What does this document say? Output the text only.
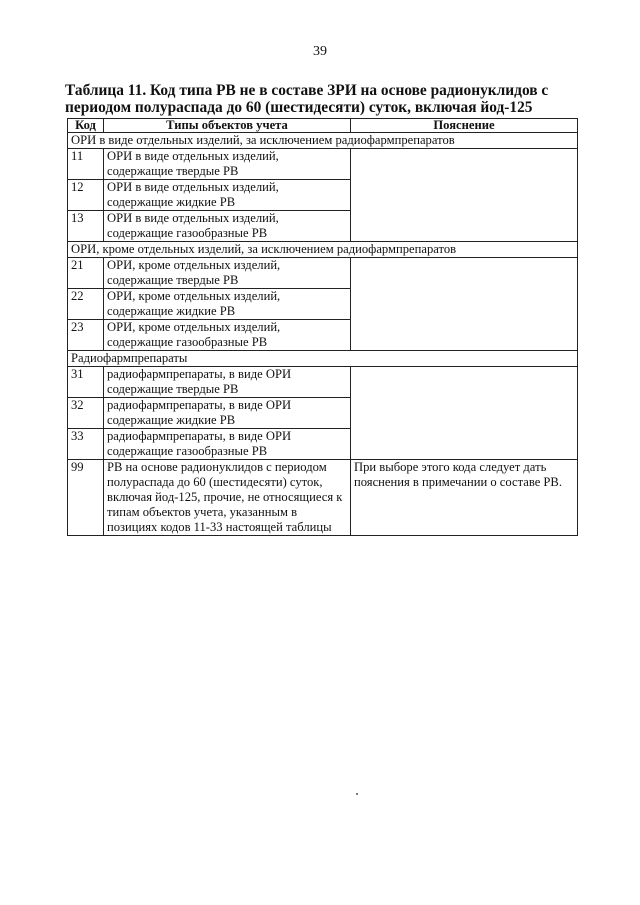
39
Таблица 11. Код типа РВ не в составе ЗРИ на основе радионуклидов с периодом полураспада до 60 (шестидесяти) суток, включая йод-125
Код	Типы объектов учета	Пояснение
ОРИ в виде отдельных изделий, за исключением радиофармпрепаратов		
11	ОРИ в виде отдельных изделий, содержащие твердые РВ	
12	ОРИ в виде отдельных изделий, содержащие жидкие РВ	
13	ОРИ в виде отдельных изделий, содержащие газообразные РВ	
ОРИ, кроме отдельных изделий, за исключением радиофармпрепаратов		
21	ОРИ, кроме отдельных изделий, содержащие твердые РВ	
22	ОРИ, кроме отдельных изделий, содержащие жидкие РВ	
23	ОРИ, кроме отдельных изделий, содержащие газообразные РВ	
Радиофармпрепараты		
31	радиофармпрепараты, в виде ОРИ содержащие твердые РВ	
32	радиофармпрепараты, в виде ОРИ содержащие жидкие РВ	
33	радиофармпрепараты, в виде ОРИ содержащие газообразные РВ	
99	РВ на основе радионуклидов с периодом полураспада до 60 (шестидесяти) суток, включая йод-125, прочие, не относящиеся к типам объектов учета, указанным в позициях кодов 11-33 настоящей таблицы	При выборе этого кода следует дать пояснения в примечании о составе РВ.
